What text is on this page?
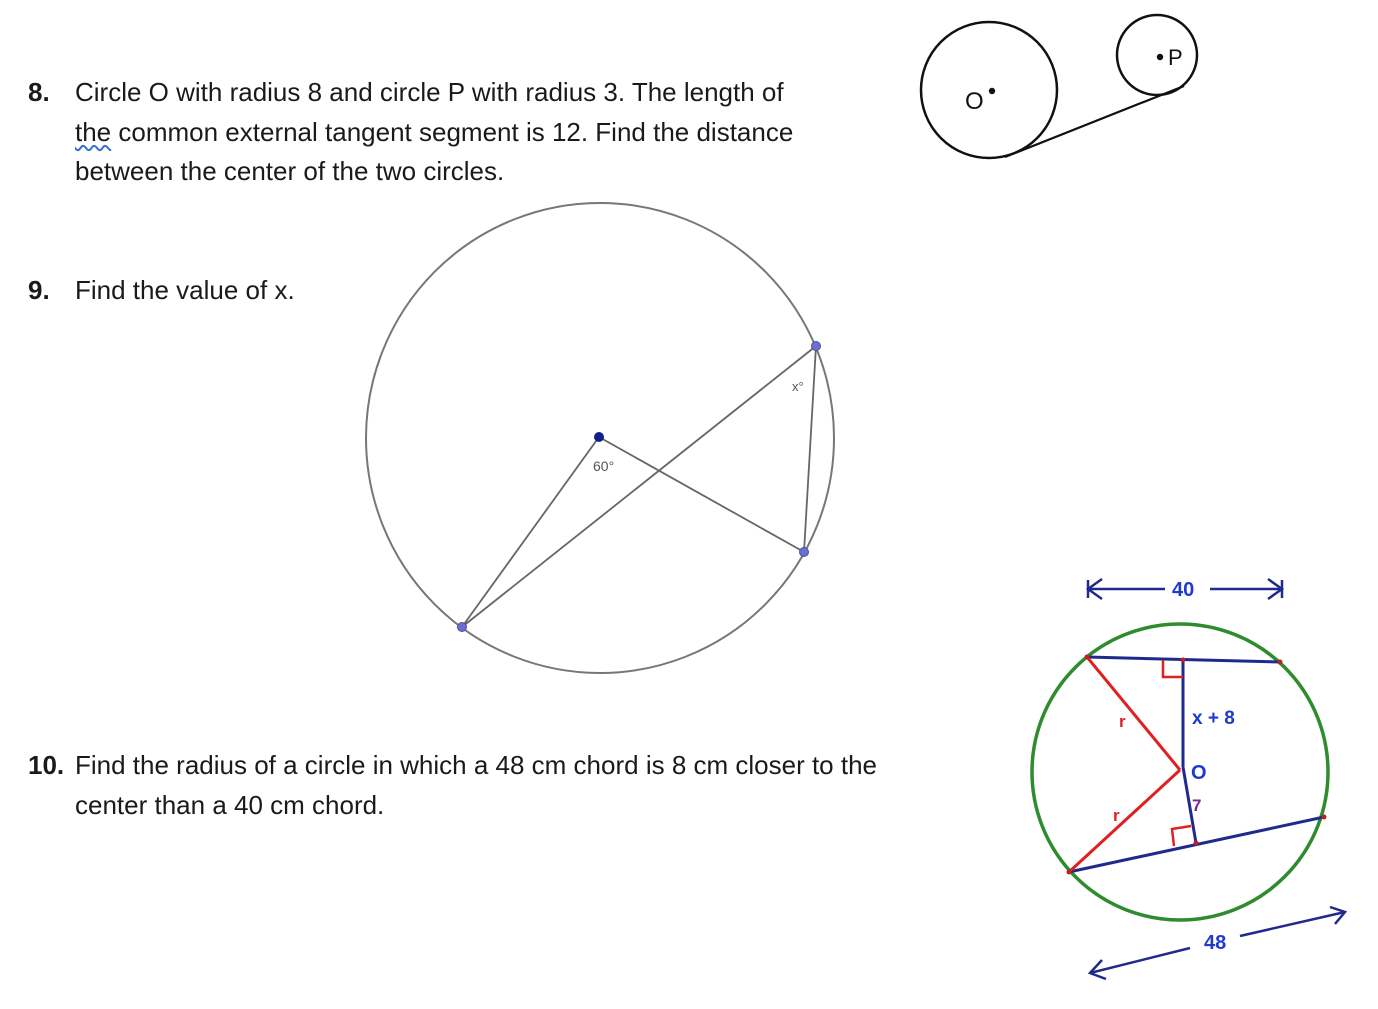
8. Circle O with radius 8 and circle P with radius 3. The length of
the common external tangent segment is 12. Find the distance
between the center of the two circles.
9. Find the value of x.
10. Find the radius of a circle in which a 48 cm chord is 8 cm closer to the
center than a 40 cm chord.
O
P
60°
x°
40
x + 8
O
7
r
r
48
